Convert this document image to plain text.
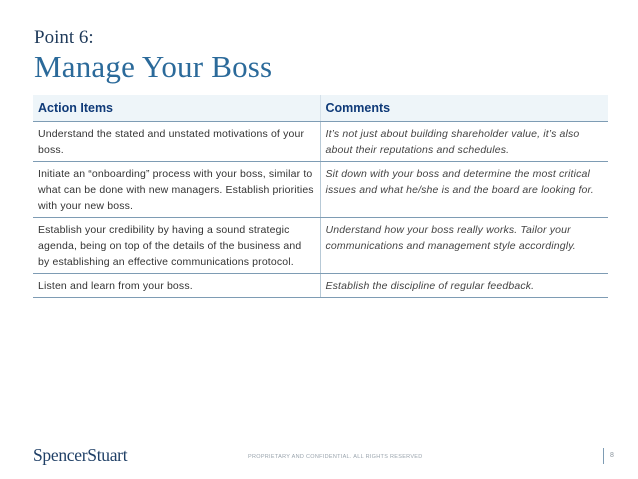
Point 6:
Manage Your Boss
Action Items	Comments
Understand the stated and unstated motivations of your boss.	It’s not just about building shareholder value, it’s also about their reputations and schedules.
Initiate an “onboarding” process with your boss, similar to what can be done with new managers. Establish priorities with your new boss.	Sit down with your boss and determine the most critical issues and what he/she is and the board are looking for.
Establish your credibility by having a sound strategic agenda, being on top of the details of the business and by establishing an effective communications protocol.	Understand how your boss really works. Tailor your communications and management style accordingly.
Listen and learn from your boss.	Establish the discipline of regular feedback.
SpencerStuart	PROPRIETARY AND CONFIDENTIAL. ALL RIGHTS RESERVED	8
